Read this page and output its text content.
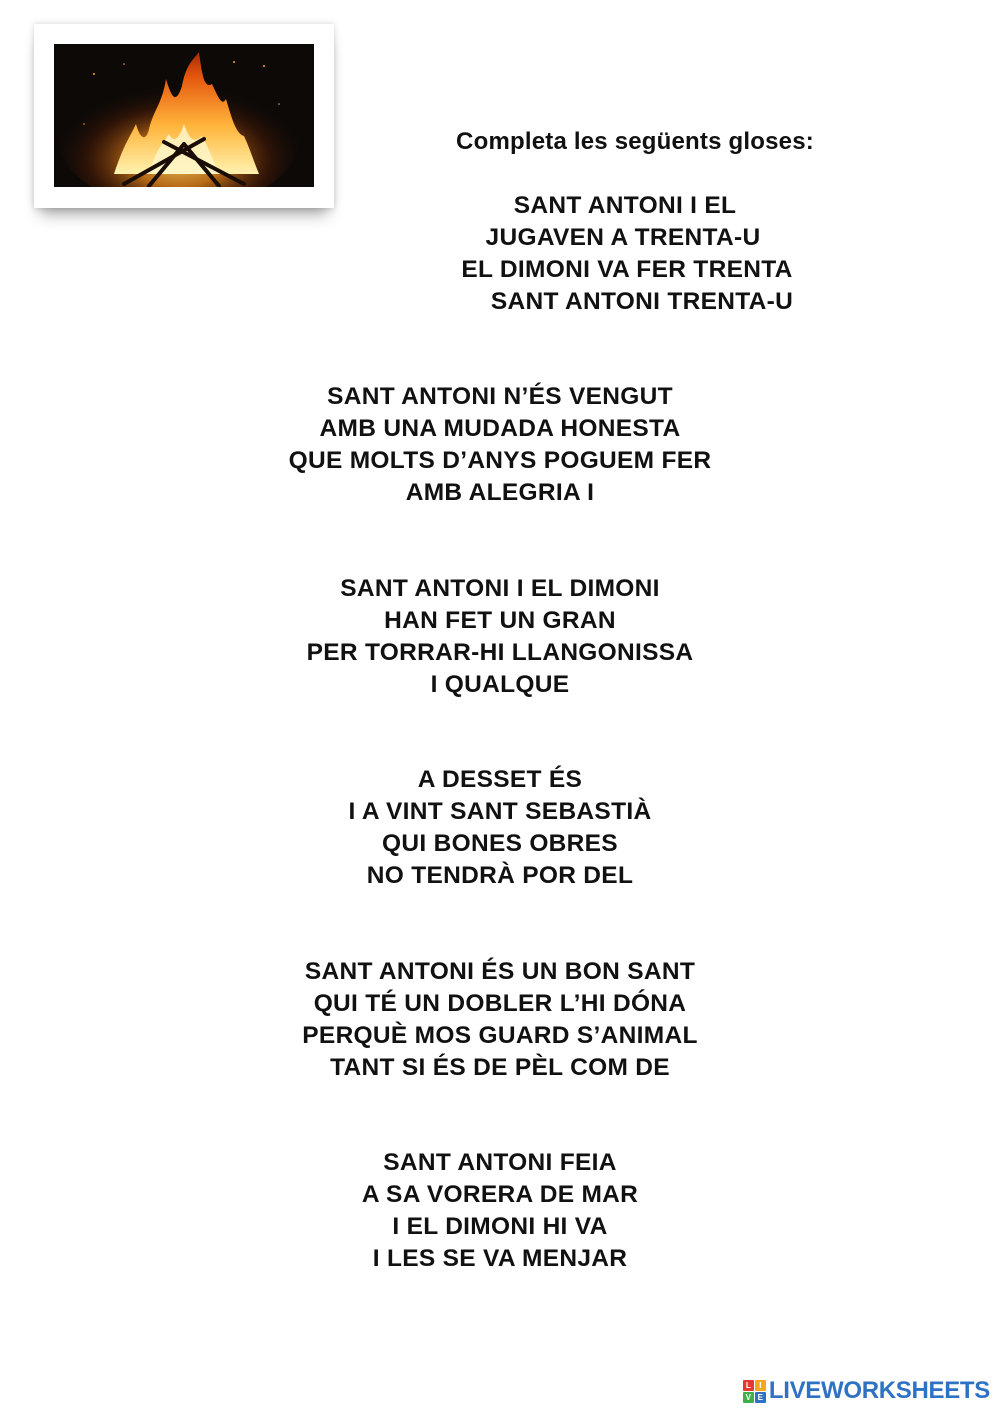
Completa les següents gloses:
SANT ANTONI I EL
JUGAVEN A TRENTA-U
EL DIMONI VA FER TRENTA
SANT ANTONI TRENTA-U
SANT ANTONI N’ÉS VENGUT
AMB UNA MUDADA HONESTA
QUE MOLTS D’ANYS POGUEM FER
AMB ALEGRIA I
SANT ANTONI I EL DIMONI
HAN FET UN GRAN
PER TORRAR-HI LLANGONISSA
I QUALQUE
A DESSET ÉS
I A VINT SANT SEBASTIÀ
QUI BONES OBRES
NO TENDRÀ POR DEL
SANT ANTONI ÉS UN BON SANT
QUI TÉ UN DOBLER L’HI DÓNA
PERQUÈ MOS GUARD S’ANIMAL
TANT SI ÉS DE PÈL COM DE
SANT ANTONI FEIA
A SA VORERA DE MAR
I EL DIMONI HI VA
I LES SE VA MENJAR
L	I
V E LIVEWORKSHEETS
